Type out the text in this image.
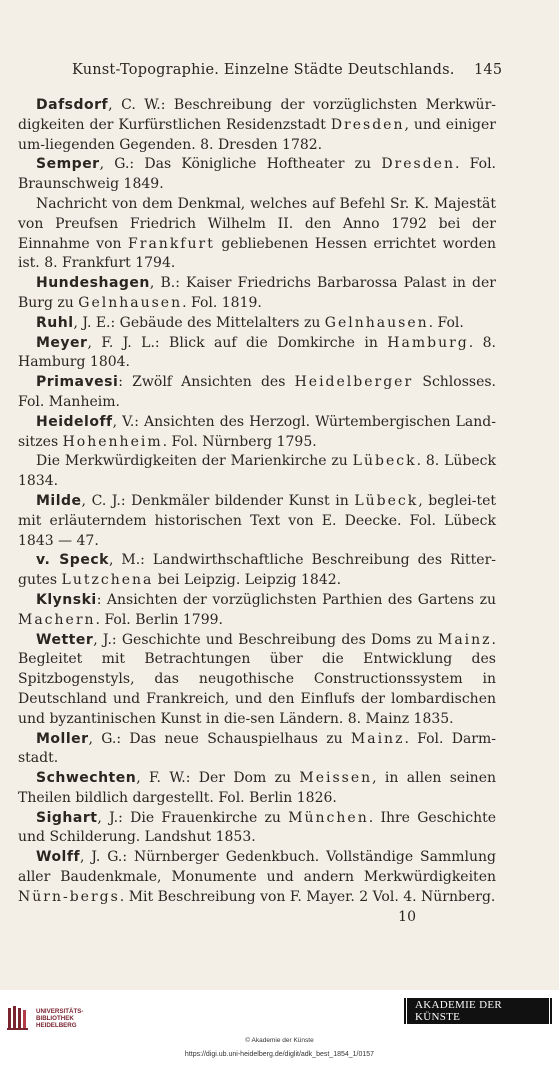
Kunst-Topographie. Einzelne Städte Deutschlands. 145

Dafsdorf, C. W.: Beschreibung der vorzüglichsten Merkwür-digkeiten der Kurfürstlichen Residenzstadt Dresden, und einiger um-liegenden Gegenden. 8. Dresden 1782.

Semper, G.: Das Königliche Hoftheater zu Dresden. Fol. Braunschweig 1849.

Nachricht von dem Denkmal, welches auf Befehl Sr. K. Majestät von Preufsen Friedrich Wilhelm II. den Anno 1792 bei der Einnahme von Frankfurt gebliebenen Hessen errichtet worden ist. 8. Frankfurt 1794.

Hundeshagen, B.: Kaiser Friedrichs Barbarossa Palast in der Burg zu Gelnhausen. Fol. 1819.

Ruhl, J. E.: Gebäude des Mittelalters zu Gelnhausen. Fol.

Meyer, F. J. L.: Blick auf die Domkirche in Hamburg. 8. Hamburg 1804.

Primavesi: Zwölf Ansichten des Heidelberger Schlosses. Fol. Manheim.

Heideloff, V.: Ansichten des Herzogl. Würtembergischen Land-sitzes Hohenheim. Fol. Nürnberg 1795.

Die Merkwürdigkeiten der Marienkirche zu Lübeck. 8. Lübeck 1834.

Milde, C. J.: Denkmäler bildender Kunst in Lübeck, beglei-tet mit erläuterndem historischen Text von E. Deecke. Fol. Lübeck 1843 — 47.

v. Speck, M.: Landwirthschaftliche Beschreibung des Ritter-gutes Lutzchena bei Leipzig. Leipzig 1842.

Klynski: Ansichten der vorzüglichsten Parthien des Gartens zu Machern. Fol. Berlin 1799.

Wetter, J.: Geschichte und Beschreibung des Doms zu Mainz. Begleitet mit Betrachtungen über die Entwicklung des Spitzbogenstyls, das neugothische Constructionssystem in Deutschland und Frankreich, und den Einflufs der lombardischen und byzantinischen Kunst in die-sen Ländern. 8. Mainz 1835.

Moller, G.: Das neue Schauspielhaus zu Mainz. Fol. Darm-stadt.

Schwechten, F. W.: Der Dom zu Meissen, in allen seinen Theilen bildlich dargestellt. Fol. Berlin 1826.

Sighart, J.: Die Frauenkirche zu München. Ihre Geschichte und Schilderung. Landshut 1853.

Wolff, J. G.: Nürnberger Gedenkbuch. Vollständige Sammlung aller Baudenkmale, Monumente und andern Merkwürdigkeiten Nürn-bergs. Mit Beschreibung von F. Mayer. 2 Vol. 4. Nürnberg.

10
UNIVERSITÄTS-
BIBLIOTHEK
HEIDELBERG
AKADEMIE DER KÜNSTE
© Akademie der Künste
https://digi.ub.uni-heidelberg.de/diglit/adk_best_1854_1/0157
